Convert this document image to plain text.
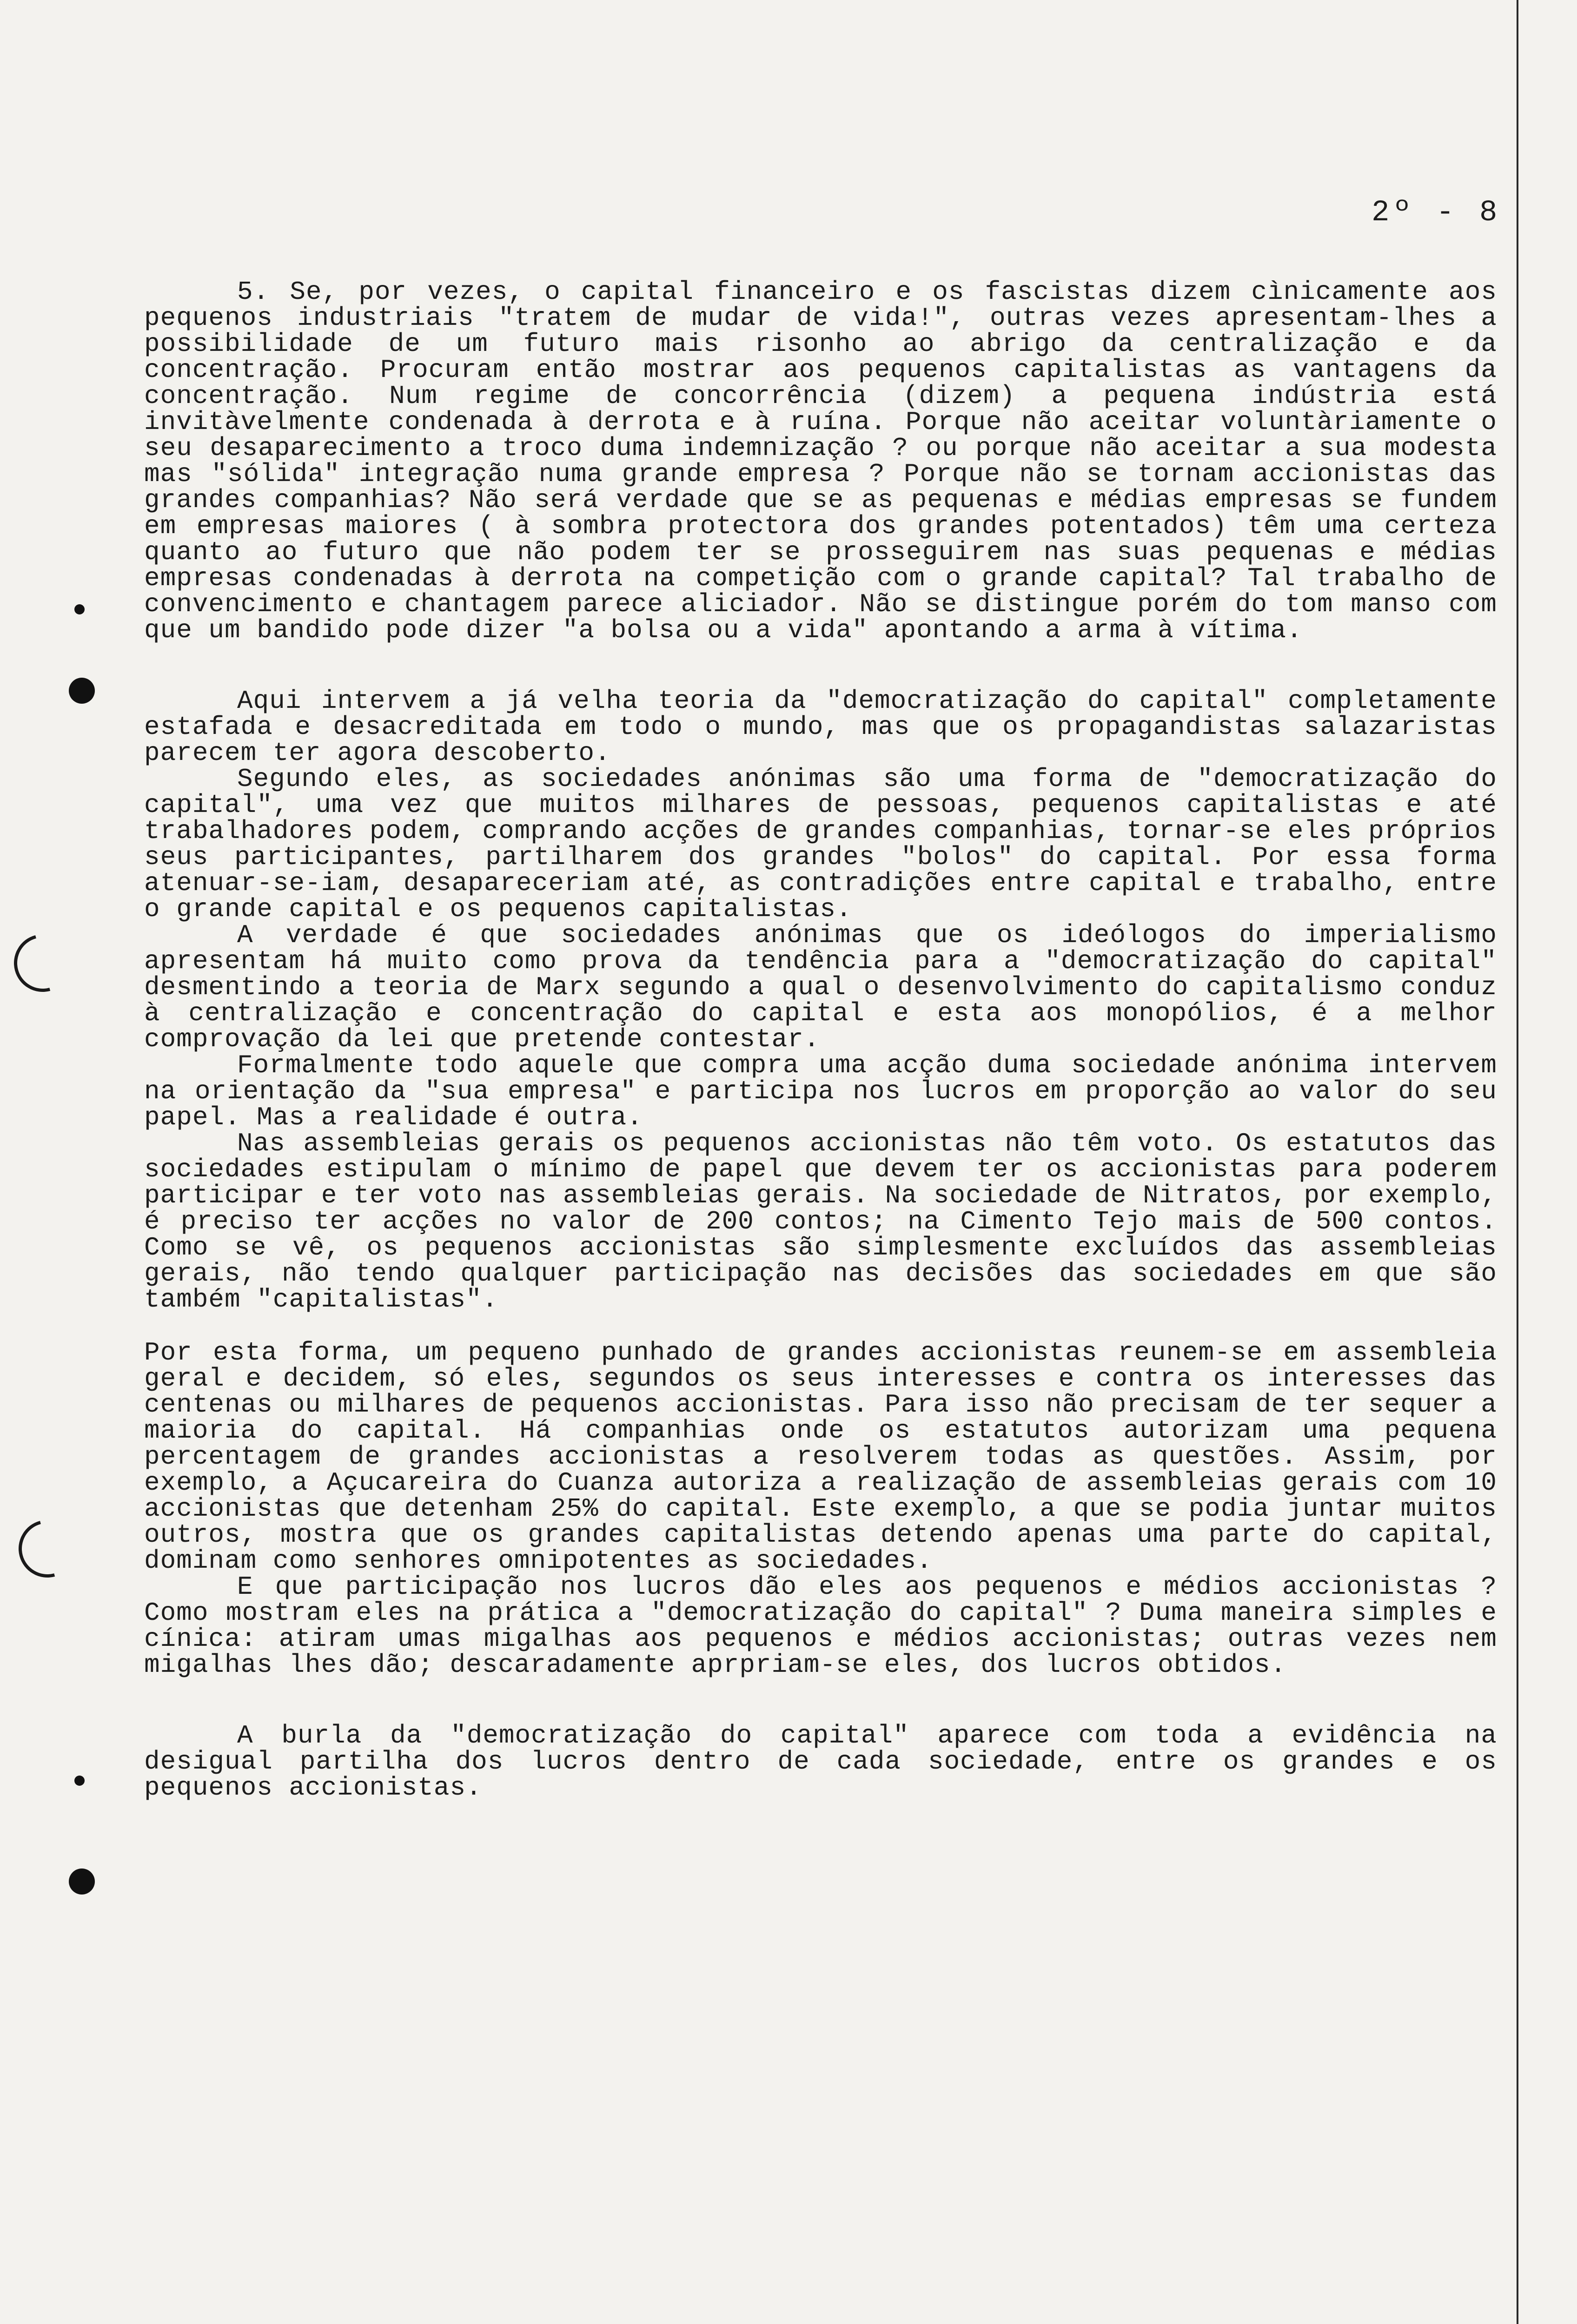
2º - 8

5. Se, por vezes, o capital financeiro e os fascistas dizem cìnicamente aos pequenos industriais "tratem de mudar de vida!", outras vezes apresentam-lhes a possibilidade de um futuro mais risonho ao abrigo da centralização e da concentração. Procuram então mostrar aos pequenos capitalistas as vantagens da concentração. Num regime de concorrência (dizem) a pequena indústria está invitàvelmente condenada à derrota e à ruína. Porque não aceitar voluntàriamente o seu desaparecimento a troco duma indemnização ? ou porque não aceitar a sua modesta mas "sólida" integração numa grande empresa ? Porque não se tornam accionistas das grandes companhias? Não será verdade que se as pequenas e médias empresas se fundem em empresas maiores ( à sombra protectora dos grandes potentados) têm uma certeza quanto ao futuro que não podem ter se prosseguirem nas suas pequenas e médias empresas condenadas à derrota na competição com o grande capital? Tal trabalho de convencimento e chantagem parece aliciador. Não se distingue porém do tom manso com que um bandido pode dizer "a bolsa ou a vida" apontando a arma à vítima.

Aqui intervem a já velha teoria da "democratização do capital" completamente estafada e desacreditada em todo o mundo, mas que os propagandistas salazaristas parecem ter agora descoberto.

Segundo eles, as sociedades anónimas são uma forma de "democratização do capital", uma vez que muitos milhares de pessoas, pequenos capitalistas e até trabalhadores podem, comprando acções de grandes companhias, tornar-se eles próprios seus participantes, partilharem dos grandes "bolos" do capital. Por essa forma atenuar-se-iam, desapareceriam até, as contradições entre capital e trabalho, entre o grande capital e os pequenos capitalistas.

A verdade é que sociedades anónimas que os ideólogos do imperialismo apresentam há muito como prova da tendência para a "democratização do capital" desmentindo a teoria de Marx segundo a qual o desenvolvimento do capitalismo conduz à centralização e concentração do capital e esta aos monopólios, é a melhor comprovação da lei que pretende contestar.

Formalmente todo aquele que compra uma acção duma sociedade anónima intervem na orientação da "sua empresa" e participa nos lucros em proporção ao valor do seu papel. Mas a realidade é outra.

Nas assembleias gerais os pequenos accionistas não têm voto. Os estatutos das sociedades estipulam o mínimo de papel que devem ter os accionistas para poderem participar e ter voto nas assembleias gerais. Na sociedade de Nitratos, por exemplo, é preciso ter acções no valor de 200 contos; na Cimento Tejo mais de 500 contos. Como se vê, os pequenos accionistas são simplesmente excluídos das assembleias gerais, não tendo qualquer participação nas decisões das sociedades em que são também "capitalistas".

Por esta forma, um pequeno punhado de grandes accionistas reunem-se em assembleia geral e decidem, só eles, segundos os seus interesses e contra os interesses das centenas ou milhares de pequenos accionistas. Para isso não precisam de ter sequer a maioria do capital. Há companhias onde os estatutos autorizam uma pequena percentagem de grandes accionistas a resolverem todas as questões. Assim, por exemplo, a Açucareira do Cuanza autoriza a realização de assembleias gerais com 10 accionistas que detenham 25% do capital. Este exemplo, a que se podia juntar muitos outros, mostra que os grandes capitalistas detendo apenas uma parte do capital, dominam como senhores omnipotentes as sociedades.

E que participação nos lucros dão eles aos pequenos e médios accionistas ? Como mostram eles na prática a "democratização do capital" ? Duma maneira simples e cínica: atiram umas migalhas aos pequenos e médios accionistas; outras vezes nem migalhas lhes dão; descaradamente aprpriam-se eles, dos lucros obtidos.

A burla da "democratização do capital" aparece com toda a evidência na desigual partilha dos lucros dentro de cada sociedade, entre os grandes e os pequenos accionistas.
